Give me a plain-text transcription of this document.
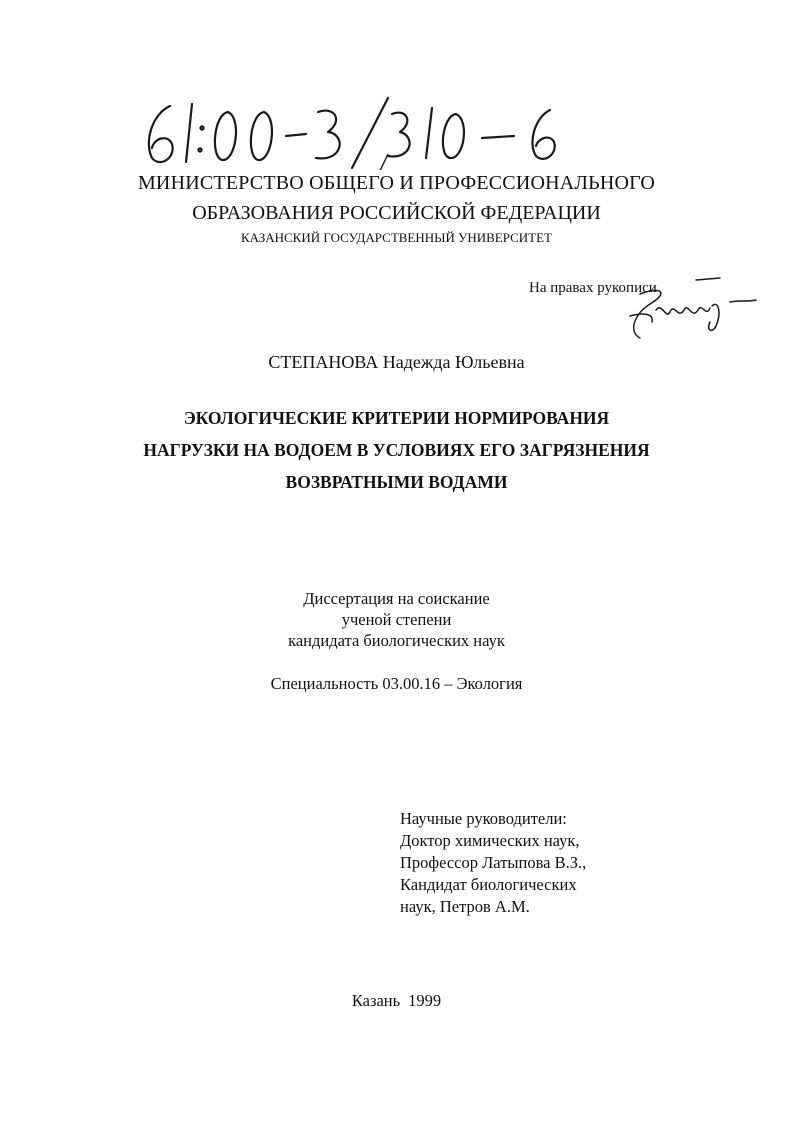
МИНИСТЕРСТВО ОБЩЕГО И ПРОФЕССИОНАЛЬНОГО
ОБРАЗОВАНИЯ РОССИЙСКОЙ ФЕДЕРАЦИИ
КАЗАНСКИЙ ГОСУДАРСТВЕННЫЙ УНИВЕРСИТЕТ
На правах рукописи
СТЕПАНОВА Надежда Юльевна
ЭКОЛОГИЧЕСКИЕ КРИТЕРИИ НОРМИРОВАНИЯ
НАГРУЗКИ НА ВОДОЕМ В УСЛОВИЯХ ЕГО ЗАГРЯЗНЕНИЯ
ВОЗВРАТНЫМИ ВОДАМИ
Диссертация на соискание
ученой степени
кандидата биологических наук
Специальность 03.00.16 – Экология
Научные руководители:
Доктор химических наук,
Профессор Латыпова В.З.,
Кандидат биологических
наук, Петров А.М.
Казань 1999
